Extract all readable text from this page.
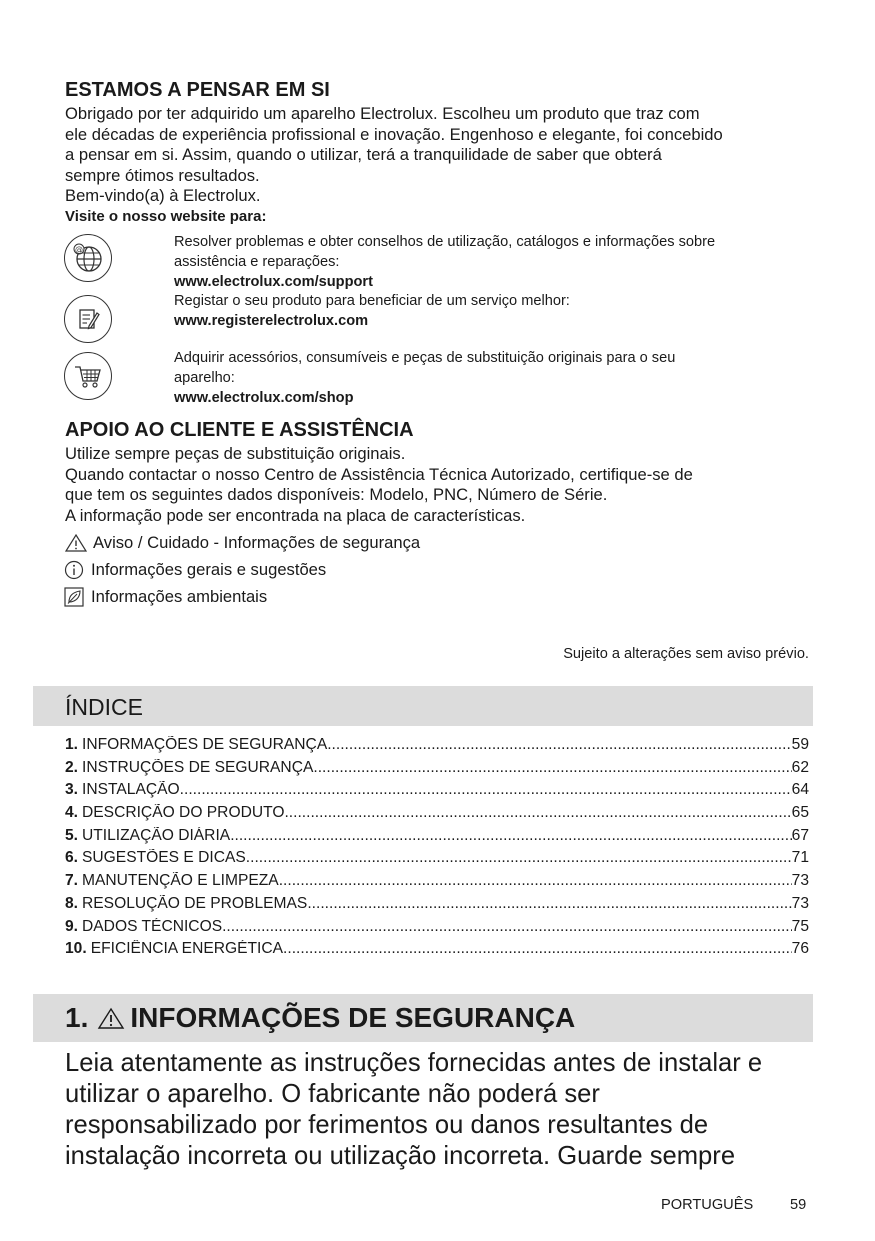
ESTAMOS A PENSAR EM SI
Obrigado por ter adquirido um aparelho Electrolux. Escolheu um produto que traz com
ele décadas de experiência profissional e inovação. Engenhoso e elegante, foi concebido
a pensar em si. Assim, quando o utilizar, terá a tranquilidade de saber que obterá
sempre ótimos resultados.
Bem-vindo(a) à Electrolux.
Visite o nosso website para:
@	Resolver problemas e obter conselhos de utilização, catálogos e informações sobre
assistência e reparações:
www.electrolux.com/support
Registar o seu produto para beneficiar de um serviço melhor:
www.registerelectrolux.com
Adquirir acessórios, consumíveis e peças de substituição originais para o seu
aparelho:
www.electrolux.com/shop
APOIO AO CLIENTE E ASSISTÊNCIA
Utilize sempre peças de substituição originais.
Quando contactar o nosso Centro de Assistência Técnica Autorizado, certifique-se de
que tem os seguintes dados disponíveis: Modelo, PNC, Número de Série.
A informação pode ser encontrada na placa de características.
Aviso / Cuidado - Informações de segurança
Informações gerais e sugestões
Informações ambientais
Sujeito a alterações sem aviso prévio.
ÍNDICE
1. INFORMAÇÕES DE SEGURANÇA .....	59
2. INSTRUÇÕES DE SEGURANÇA .....	62
3. INSTALAÇÃO .....	64
4. DESCRIÇÃO DO PRODUTO .....	65
5. UTILIZAÇÃO DIÁRIA .....	67
6. SUGESTÕES E DICAS .....	71
7. MANUTENÇÃO E LIMPEZA .....	73
8. RESOLUÇÃO DE PROBLEMAS .....	73
9. DADOS TÉCNICOS .....	75
10. EFICIÊNCIA ENERGÉTICA .....	76
1. INFORMAÇÕES DE SEGURANÇA
Leia atentamente as instruções fornecidas antes de instalar e
utilizar o aparelho. O fabricante não poderá ser
responsabilizado por ferimentos ou danos resultantes de
instalação incorreta ou utilização incorreta. Guarde sempre
PORTUGUÊS	59
